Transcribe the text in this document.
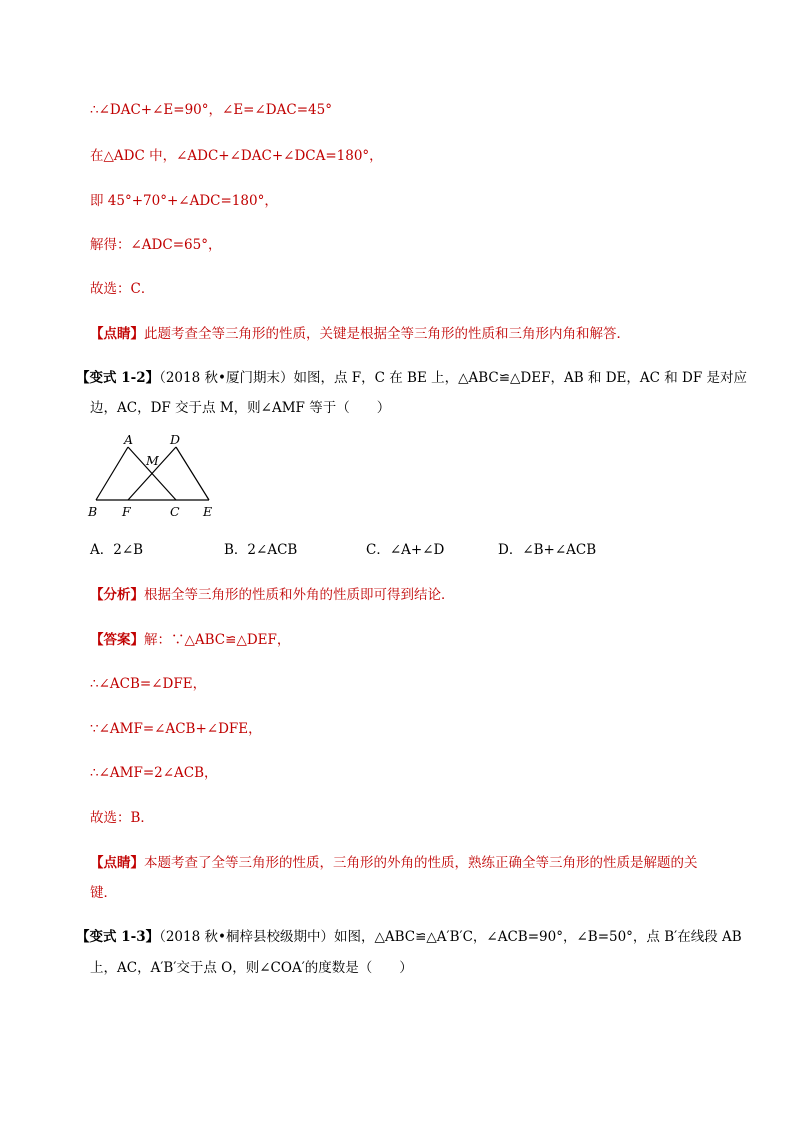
∴∠DAC+∠E=90°，∠E=∠DAC=45°
在△ADC 中，∠ADC+∠DAC+∠DCA=180°，
即 45°+70°+∠ADC=180°，
解得：∠ADC=65°，
故选：C．
【点睛】此题考查全等三角形的性质，关键是根据全等三角形的性质和三角形内角和解答．
【变式 1-2】（2018 秋•厦门期末）如图，点 F，C 在 BE 上，△ABC≌△DEF，AB 和 DE，AC 和 DF 是对应
边，AC，DF 交于点 M，则∠AMF 等于（　　）
A	D
M
B F	C E
A．2∠B	B．2∠ACB	C．∠A+∠D	D．∠B+∠ACB
【分析】根据全等三角形的性质和外角的性质即可得到结论．
【答案】解：∵△ABC≌△DEF，
∴∠ACB=∠DFE，
∵∠AMF=∠ACB+∠DFE，
∴∠AMF=2∠ACB，
故选：B．
【点睛】本题考查了全等三角形的性质，三角形的外角的性质，熟练正确全等三角形的性质是解题的关
键．
【变式 1-3】（2018 秋•桐梓县校级期中）如图，△ABC≌△A′B′C，∠ACB=90°，∠B=50°，点 B′在线段 AB
上，AC，A′B′交于点 O，则∠COA′的度数是（　　）
